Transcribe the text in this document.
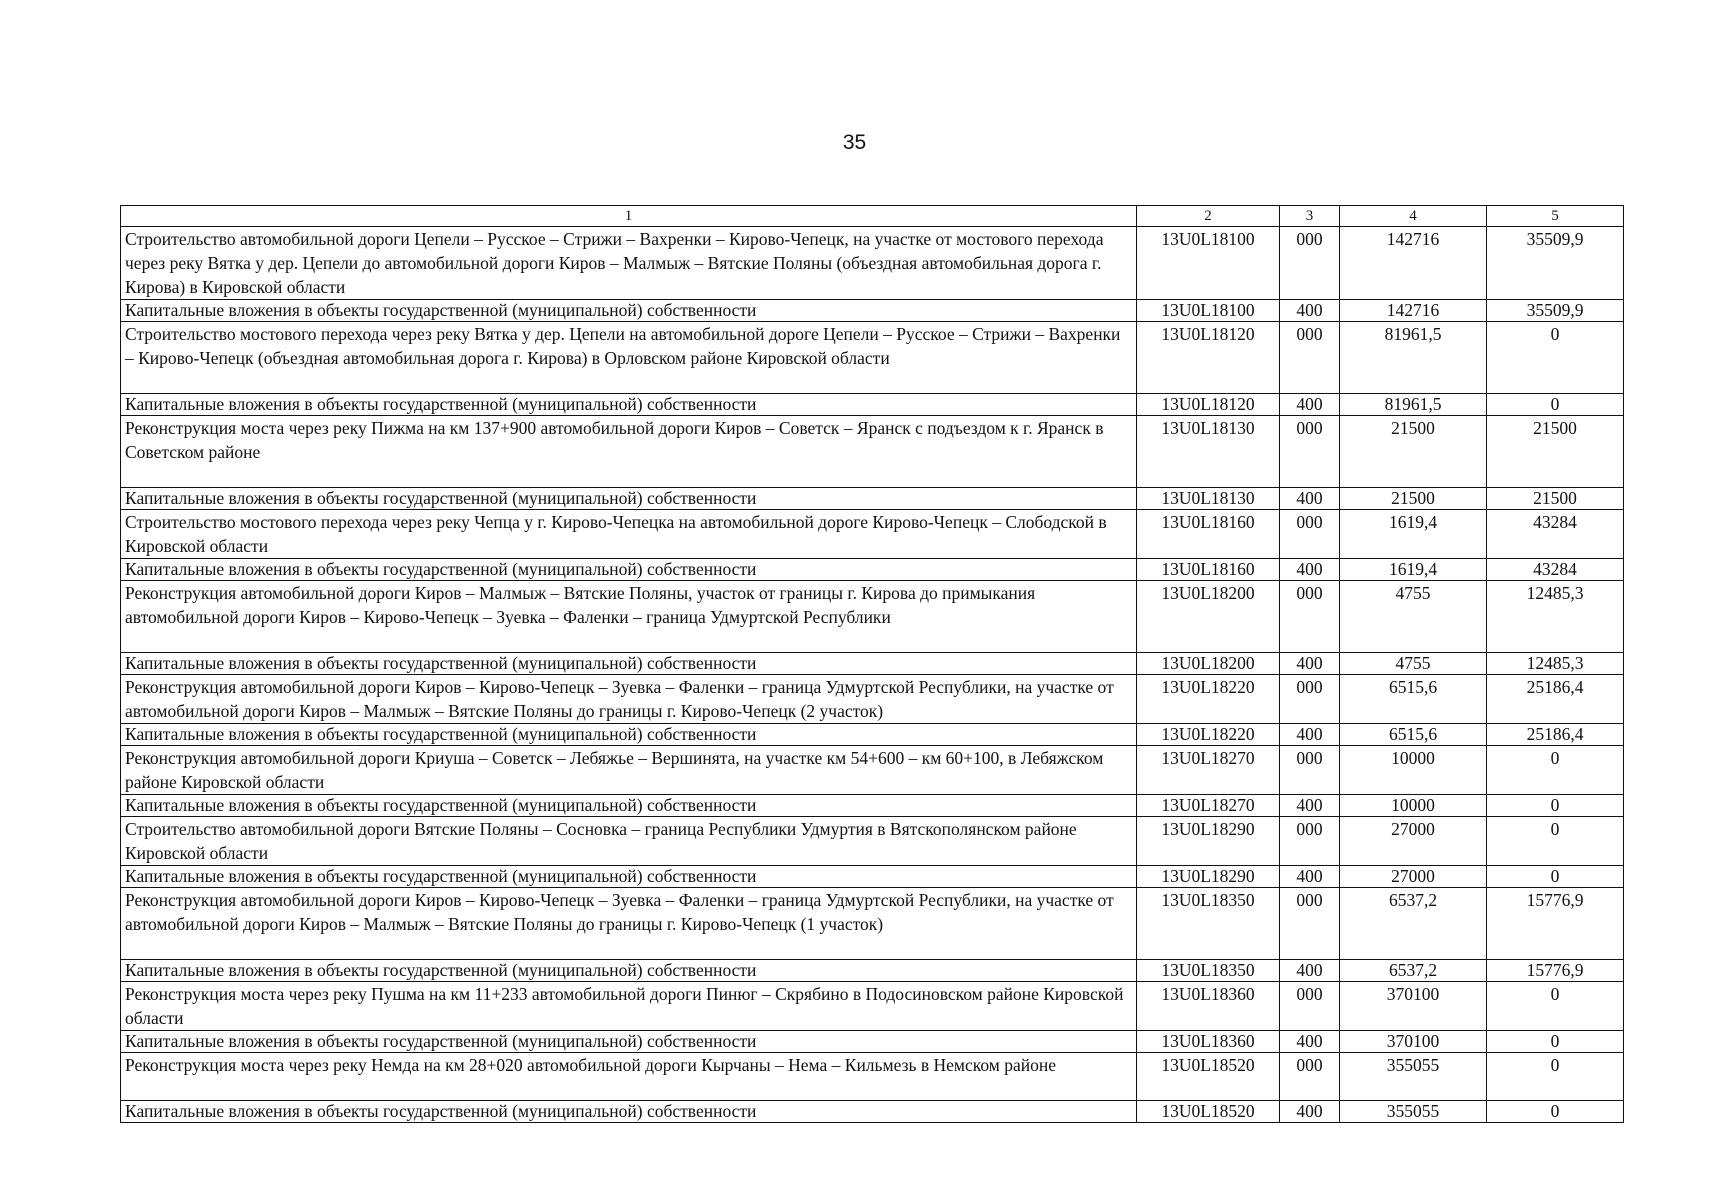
35
1	2	3	4	5
Строительство автомобильной дороги Цепели – Русское – Стрижи – Вахренки – Кирово-Чепецк, на участке от мостового перехода через реку Вятка у дер. Цепели до автомобильной дороги Киров – Малмыж – Вятские Поляны (объездная автомобильная дорога г. Кирова) в Кировской области	13U0L18100	000	142716	35509,9
Капитальные вложения в объекты государственной (муниципальной) собственности	13U0L18100	400	142716	35509,9
Строительство мостового перехода через реку Вятка у дер. Цепели на автомобильной дороге Цепели – Русское – Стрижи – Вахренки – Кирово-Чепецк (объездная автомобильная дорога г. Кирова) в Орловском районе Кировской области	13U0L18120	000	81961,5	0
Капитальные вложения в объекты государственной (муниципальной) собственности	13U0L18120	400	81961,5	0
Реконструкция моста через реку Пижма на км 137+900 автомобильной дороги Киров – Советск – Яранск с подъездом к г. Яранск в Советском районе	13U0L18130	000	21500	21500
Капитальные вложения в объекты государственной (муниципальной) собственности	13U0L18130	400	21500	21500
Строительство мостового перехода через реку Чепца у г. Кирово-Чепецка на автомобильной дороге Кирово-Чепецк – Слободской в Кировской области	13U0L18160	000	1619,4	43284
Капитальные вложения в объекты государственной (муниципальной) собственности	13U0L18160	400	1619,4	43284
Реконструкция автомобильной дороги Киров – Малмыж – Вятские Поляны, участок от границы г. Кирова до примыкания автомобильной дороги Киров – Кирово-Чепецк – Зуевка – Фаленки – граница Удмуртской Республики	13U0L18200	000	4755	12485,3
Капитальные вложения в объекты государственной (муниципальной) собственности	13U0L18200	400	4755	12485,3
Реконструкция автомобильной дороги Киров – Кирово-Чепецк – Зуевка – Фаленки – граница Удмуртской Республики, на участке от автомобильной дороги Киров – Малмыж – Вятские Поляны до границы г. Кирово-Чепецк (2 участок)	13U0L18220	000	6515,6	25186,4
Капитальные вложения в объекты государственной (муниципальной) собственности	13U0L18220	400	6515,6	25186,4
Реконструкция автомобильной дороги Криуша – Советск – Лебяжье – Вершинята, на участке км 54+600 – км 60+100, в Лебяжском районе Кировской области	13U0L18270	000	10000	0
Капитальные вложения в объекты государственной (муниципальной) собственности	13U0L18270	400	10000	0
Строительство автомобильной дороги Вятские Поляны – Сосновка – граница Республики Удмуртия в Вятскополянском районе Кировской области	13U0L18290	000	27000	0
Капитальные вложения в объекты государственной (муниципальной) собственности	13U0L18290	400	27000	0
Реконструкция автомобильной дороги Киров – Кирово-Чепецк – Зуевка – Фаленки – граница Удмуртской Республики, на участке от автомобильной дороги Киров – Малмыж – Вятские Поляны до границы г. Кирово-Чепецк (1 участок)	13U0L18350	000	6537,2	15776,9
Капитальные вложения в объекты государственной (муниципальной) собственности	13U0L18350	400	6537,2	15776,9
Реконструкция моста через реку Пушма на км 11+233 автомобильной дороги Пинюг – Скрябино в Подосиновском районе Кировской области	13U0L18360	000	370100	0
Капитальные вложения в объекты государственной (муниципальной) собственности	13U0L18360	400	370100	0
Реконструкция моста через реку Немда на км 28+020 автомобильной дороги Кырчаны – Нема – Кильмезь в Немском районе	13U0L18520	000	355055	0
Капитальные вложения в объекты государственной (муниципальной) собственности	13U0L18520	400	355055	0
